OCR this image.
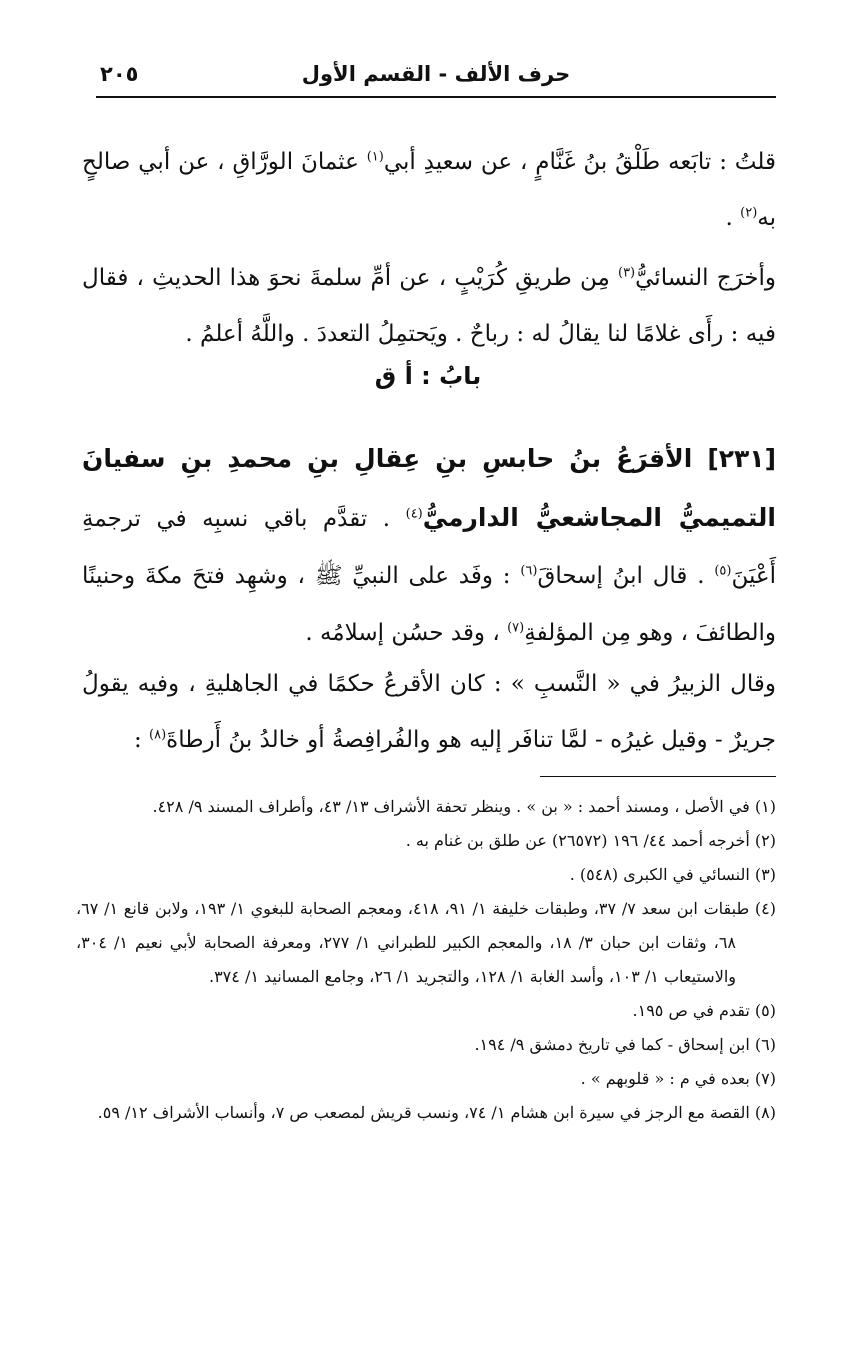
حرف الألف - القسم الأول
٢٠٥
قلتُ : تابَعه طَلْقُ بنُ غَنَّامٍ ، عن سعيدِ أبي$^{(١)}$ عثمانَ الورَّاقِ ، عن أبي صالحٍ به$^{(٢)}$ .
وأخرَج النسائيُّ$^{(٣)}$ مِن طريقِ كُرَيْبٍ ، عن أمِّ سلمةَ نحوَ هذا الحديثِ ، فقال فيه : رأَى غلامًا لنا يقالُ له : رباحٌ . ويَحتمِلُ التعددَ . واللَّهُ أعلمُ .
بابُ : أ ق
[٢٣١] الأقرَعُ بنُ حابسِ بنِ عِقالِ بنِ محمدِ بنِ سفيانَ التميميُّ المجاشعيُّ الدارميُّ$^{(٤)}$ . تقدَّم باقي نسبِه في ترجمةِ أَعْيَنَ$^{(٥)}$ . قال ابنُ إسحاقَ$^{(٦)}$ : وفَد على النبيِّ ﷺ ، وشهِد فتحَ مكةَ وحنينًا والطائفَ ، وهو مِن المؤلفةِ$^{(٧)}$ ، وقد حسُن إسلامُه .
وقال الزبيرُ في « النَّسبِ » : كان الأقرعُ حكمًا في الجاهليةِ ، وفيه يقولُ جريرٌ - وقيل غيرُه - لمَّا تنافَر إليه هو والفُرافِصةُ أو خالدُ بنُ أَرطاةَ$^{(٨)}$ :

(١) في الأصل ، ومسند أحمد : « بن » . وينظر تحفة الأشراف ١٣/ ٤٣، وأطراف المسند ٩/ ٤٢٨.

(٢) أخرجه أحمد ٤٤/ ١٩٦ (٢٦٥٧٢) عن طلق بن غنام به .

(٣) النسائي في الكبرى (٥٤٨) .

(٤) طبقات ابن سعد ٧/ ٣٧، وطبقات خليفة ١/ ٩١، ٤١٨، ومعجم الصحابة للبغوي ١/ ١٩٣، ولابن قانع ١/ ٦٧، ٦٨، وثقات ابن حبان ٣/ ١٨، والمعجم الكبير للطبراني ١/ ٢٧٧، ومعرفة الصحابة لأبي نعيم ١/ ٣٠٤، والاستيعاب ١/ ١٠٣، وأسد الغابة ١/ ١٢٨، والتجريد ١/ ٢٦، وجامع المسانيد ١/ ٣٧٤.

(٥) تقدم في ص ١٩٥.

(٦) ابن إسحاق - كما في تاريخ دمشق ٩/ ١٩٤.

(٧) بعده في م : « قلوبهم » .

(٨) القصة مع الرجز في سيرة ابن هشام ١/ ٧٤، ونسب قريش لمصعب ص ٧، وأنساب الأشراف ١٢/ ٥٩.
